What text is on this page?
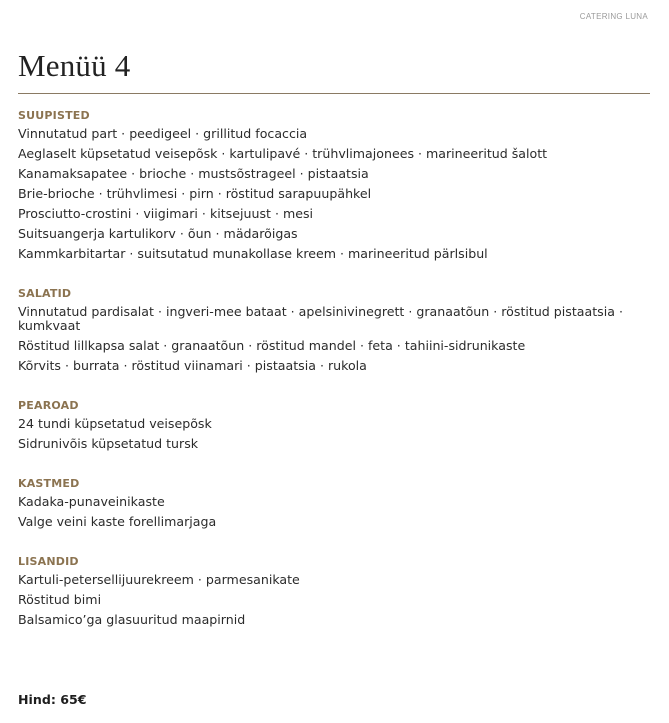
CATERING LUNA
Menüü 4
SUUPISTED
Vinnutatud part · peedigeel · grillitud focaccia
Aeglaselt küpsetatud veisepõsk · kartulipavé · trühvlimajonees · marineeritud šalott
Kanamaksapatee · brioche · mustsõstrageel · pistaatsia
Brie-brioche · trühvlimesi · pirn · röstitud sarapuupähkel
Prosciutto-crostini · viigimari · kitsejuust · mesi
Suitsuangerja kartulikorv · õun · mädarõigas
Kammkarbitartar · suitsutatud munakollase kreem · marineeritud pärlsibul
SALATID
Vinnutatud pardisalat · ingveri-mee bataat · apelsinivinegrett · granaatõun · röstitud pistaatsia · kumkvaat
Röstitud lillkapsa salat · granaatõun · röstitud mandel · feta · tahiini-sidrunikaste
Kõrvits · burrata · röstitud viinamari · pistaatsia · rukola
PEAROAD
24 tundi küpsetatud veisepõsk
Sidrunivõis küpsetatud tursk
KASTMED
Kadaka-punaveinikaste
Valge veini kaste forellimarjaga
LISANDID
Kartuli-petersellijuurekreem · parmesanikate
Röstitud bimi
Balsamico’ga glasuuritud maapirnid
Hind: 65€
